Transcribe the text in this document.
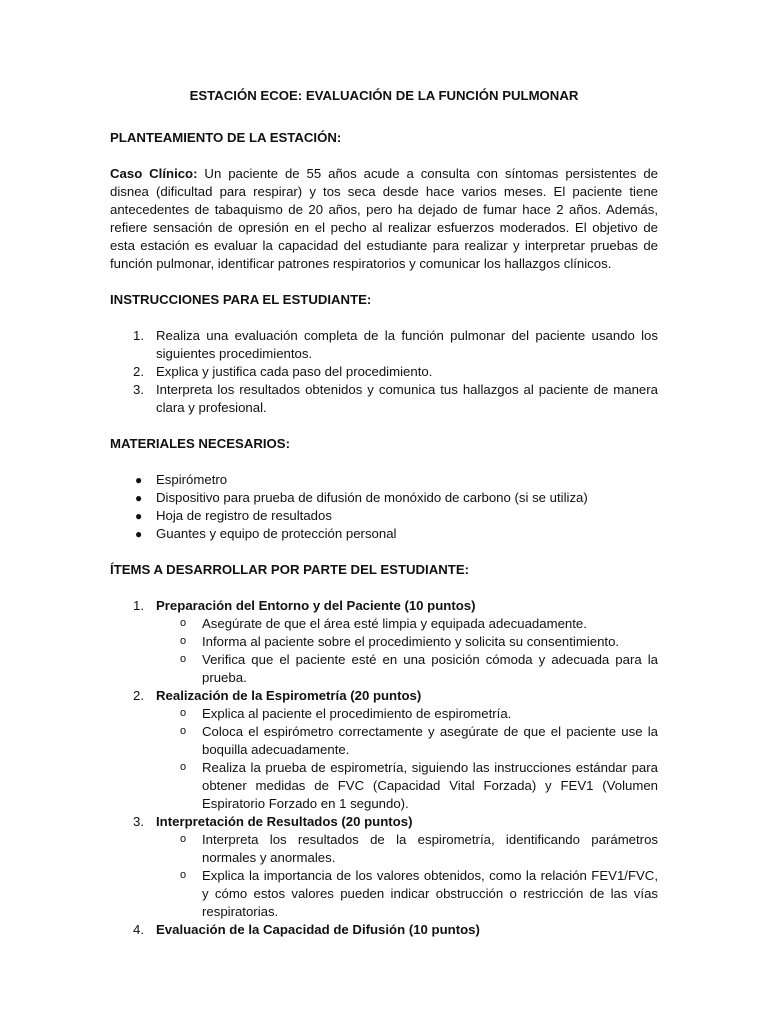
ESTACIÓN ECOE: EVALUACIÓN DE LA FUNCIÓN PULMONAR

PLANTEAMIENTO DE LA ESTACIÓN:

Caso Clínico: Un paciente de 55 años acude a consulta con síntomas persistentes de disnea (dificultad para respirar) y tos seca desde hace varios meses. El paciente tiene antecedentes de tabaquismo de 20 años, pero ha dejado de fumar hace 2 años. Además, refiere sensación de opresión en el pecho al realizar esfuerzos moderados. El objetivo de esta estación es evaluar la capacidad del estudiante para realizar y interpretar pruebas de función pulmonar, identificar patrones respiratorios y comunicar los hallazgos clínicos.

INSTRUCCIONES PARA EL ESTUDIANTE:

1. Realiza una evaluación completa de la función pulmonar del paciente usando los siguientes procedimientos.
2. Explica y justifica cada paso del procedimiento.
3. Interpreta los resultados obtenidos y comunica tus hallazgos al paciente de manera clara y profesional.

MATERIALES NECESARIOS:

● Espirómetro
● Dispositivo para prueba de difusión de monóxido de carbono (si se utiliza)
● Hoja de registro de resultados
● Guantes y equipo de protección personal

ÍTEMS A DESARROLLAR POR PARTE DEL ESTUDIANTE:

1. Preparación del Entorno y del Paciente (10 puntos)
o Asegúrate de que el área esté limpia y equipada adecuadamente.
o Informa al paciente sobre el procedimiento y solicita su consentimiento.
o Verifica que el paciente esté en una posición cómoda y adecuada para la prueba.
2. Realización de la Espirometría (20 puntos)
o Explica al paciente el procedimiento de espirometría.
o Coloca el espirómetro correctamente y asegúrate de que el paciente use la boquilla adecuadamente.
o Realiza la prueba de espirometría, siguiendo las instrucciones estándar para obtener medidas de FVC (Capacidad Vital Forzada) y FEV1 (Volumen Espiratorio Forzado en 1 segundo).
3. Interpretación de Resultados (20 puntos)
o Interpreta los resultados de la espirometría, identificando parámetros normales y anormales.
o Explica la importancia de los valores obtenidos, como la relación FEV1/FVC, y cómo estos valores pueden indicar obstrucción o restricción de las vías respiratorias.
4. Evaluación de la Capacidad de Difusión (10 puntos)
